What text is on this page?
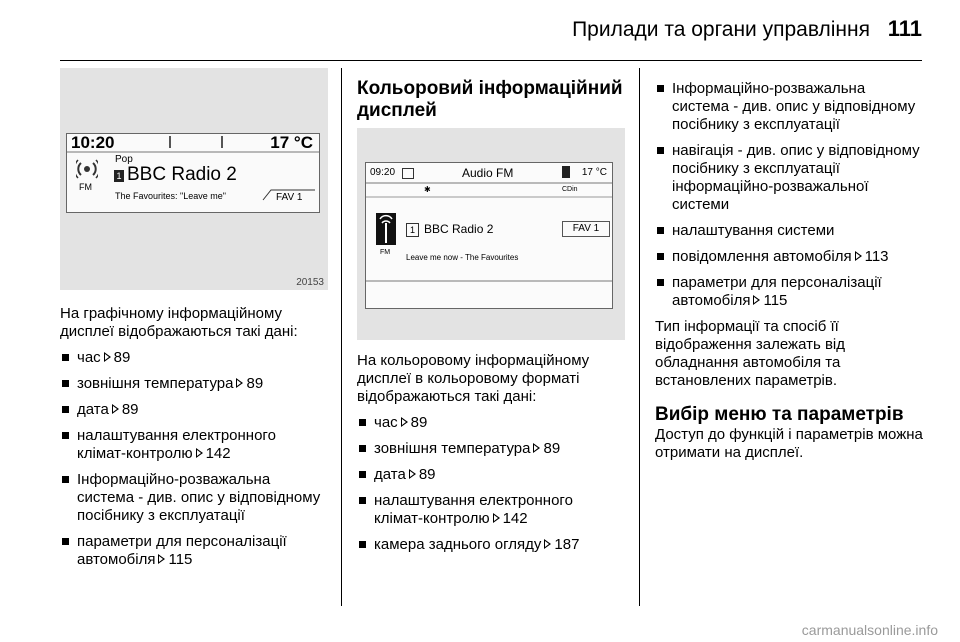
Прилади та органи управління 111
10:20	17 °C
FM
Pop
1 BBC Radio 2
The Favourites: "Leave me"	FAV 1
20153

На графічному інформаційному дисплеї відображаються такі дані:

час 89
зовнішня температура 89
дата 89
налаштування електронного клімат-контролю 142
Інформаційно-розважальна система - див. опис у відповідному посібнику з експлуатації
параметри для персоналізації автомобіля 115
Кольоровий інформаційний дисплей
09:20	Audio FM	17 °C
✱	CDin
FM
1 BBC Radio 2	FAV 1
Leave me now - The Favourites

На кольоровому інформаційному дисплеї в кольоровому форматі відображаються такі дані:

час 89
зовнішня температура 89
дата 89
налаштування електронного клімат-контролю 142
камера заднього огляду 187
Інформаційно-розважальна система - див. опис у відповідному посібнику з експлуатації
навігація - див. опис у відповідному посібнику з експлуатації інформаційно-розважальної системи
налаштування системи
повідомлення автомобіля 113
параметри для персоналізації автомобіля 115

Тип інформації та спосіб її відображення залежать від обладнання автомобіля та встановлених параметрів.

Вибір меню та параметрів

Доступ до функцій і параметрів можна отримати на дисплеї.

carmanualsonline.info
